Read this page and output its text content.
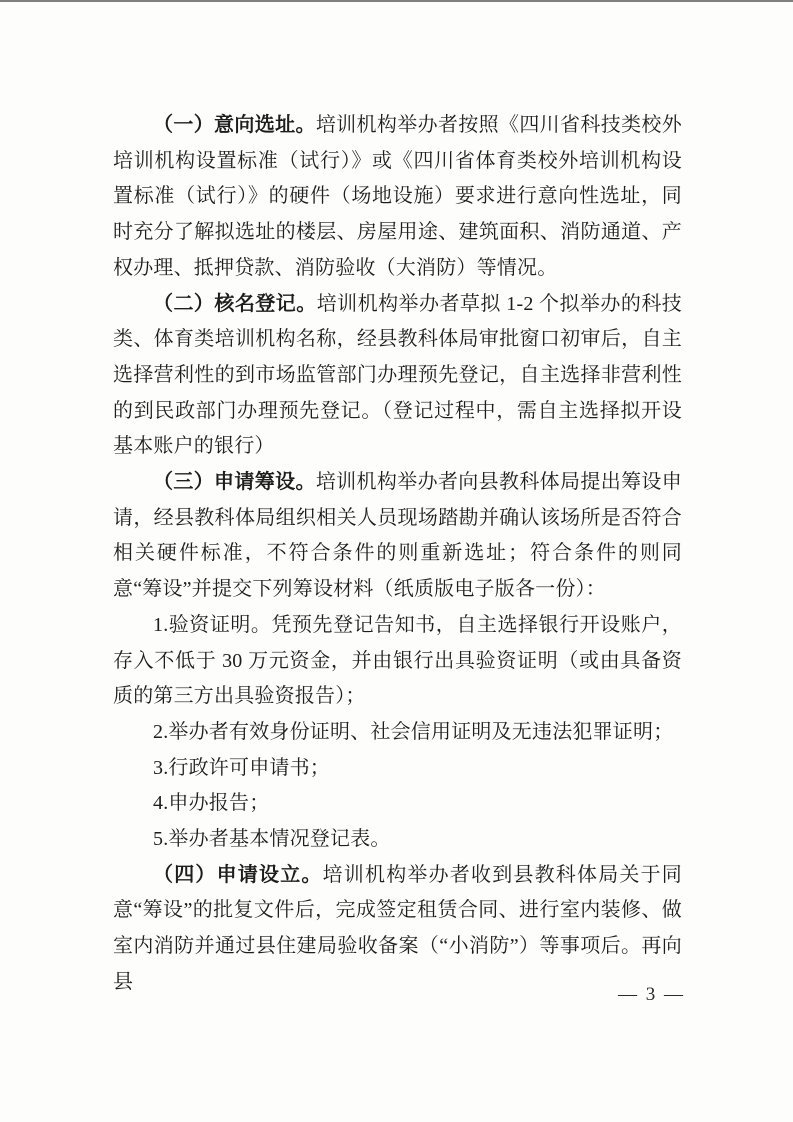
（一）意向选址。培训机构举办者按照《四川省科技类校外培训机构设置标准（试行）》或《四川省体育类校外培训机构设置标准（试行）》的硬件（场地设施）要求进行意向性选址，同时充分了解拟选址的楼层、房屋用途、建筑面积、消防通道、产权办理、抵押贷款、消防验收（大消防）等情况。

（二）核名登记。培训机构举办者草拟 1-2 个拟举办的科技类、体育类培训机构名称，经县教科体局审批窗口初审后，自主选择营利性的到市场监管部门办理预先登记，自主选择非营利性的到民政部门办理预先登记。（登记过程中，需自主选择拟开设基本账户的银行）

（三）申请筹设。培训机构举办者向县教科体局提出筹设申请，经县教科体局组织相关人员现场踏勘并确认该场所是否符合相关硬件标准，不符合条件的则重新选址；符合条件的则同意“筹设”并提交下列筹设材料（纸质版电子版各一份）：

1.验资证明。凭预先登记告知书，自主选择银行开设账户，存入不低于 30 万元资金，并由银行出具验资证明（或由具备资质的第三方出具验资报告）；

2.举办者有效身份证明、社会信用证明及无违法犯罪证明；

3.行政许可申请书；

4.申办报告；

5.举办者基本情况登记表。

（四）申请设立。培训机构举办者收到县教科体局关于同意“筹设”的批复文件后，完成签定租赁合同、进行室内装修、做室内消防并通过县住建局验收备案（“小消防”）等事项后。再向县

— 3 —
